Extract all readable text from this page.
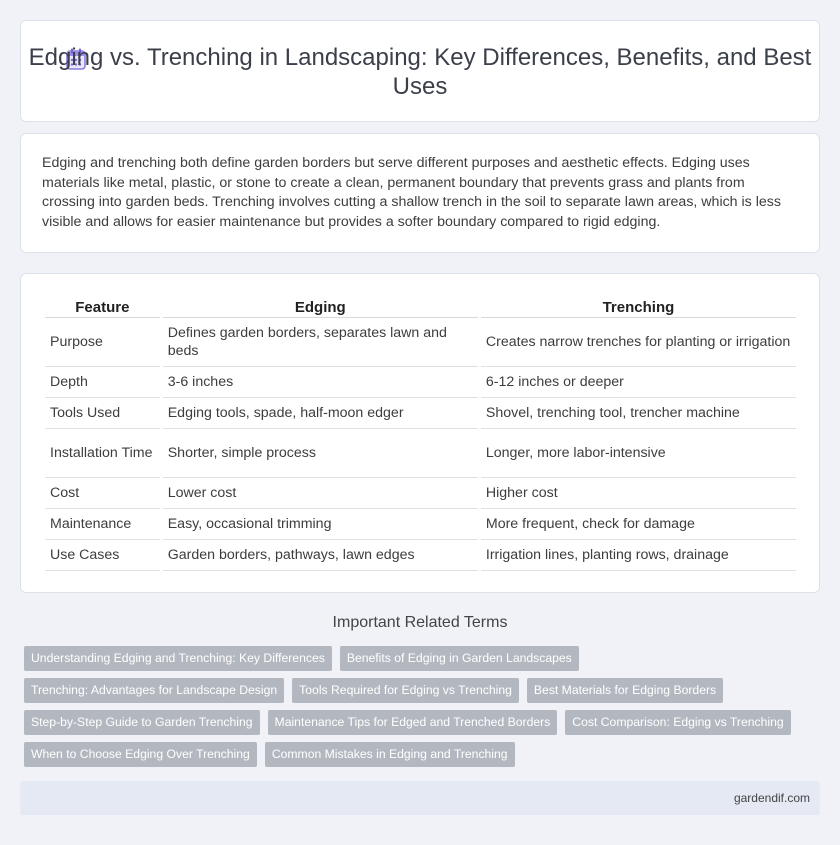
Edging vs. Trenching in Landscaping: Key Differences, Benefits, and Best Uses

Edging and trenching both define garden borders but serve different purposes and aesthetic effects. Edging uses materials like metal, plastic, or stone to create a clean, permanent boundary that prevents grass and plants from crossing into garden beds. Trenching involves cutting a shallow trench in the soil to separate lawn areas, which is less visible and allows for easier maintenance but provides a softer boundary compared to rigid edging.

Feature	Edging	Trenching
Purpose	Defines garden borders, separates lawn and beds	Creates narrow trenches for planting or irrigation
Depth	3-6 inches	6-12 inches or deeper
Tools Used	Edging tools, spade, half-moon edger	Shovel, trenching tool, trencher machine
Installation Time	Shorter, simple process	Longer, more labor-intensive
Cost	Lower cost	Higher cost
Maintenance	Easy, occasional trimming	More frequent, check for damage
Use Cases	Garden borders, pathways, lawn edges	Irrigation lines, planting rows, drainage
Important Related Terms
Understanding Edging and Trenching: Key Differences	Benefits of Edging in Garden Landscapes
Trenching: Advantages for Landscape Design	Tools Required for Edging vs Trenching	Best Materials for Edging Borders
Step-by-Step Guide to Garden Trenching	Maintenance Tips for Edged and Trenched Borders	Cost Comparison: Edging vs Trenching
When to Choose Edging Over Trenching	Common Mistakes in Edging and Trenching
gardendif.com
